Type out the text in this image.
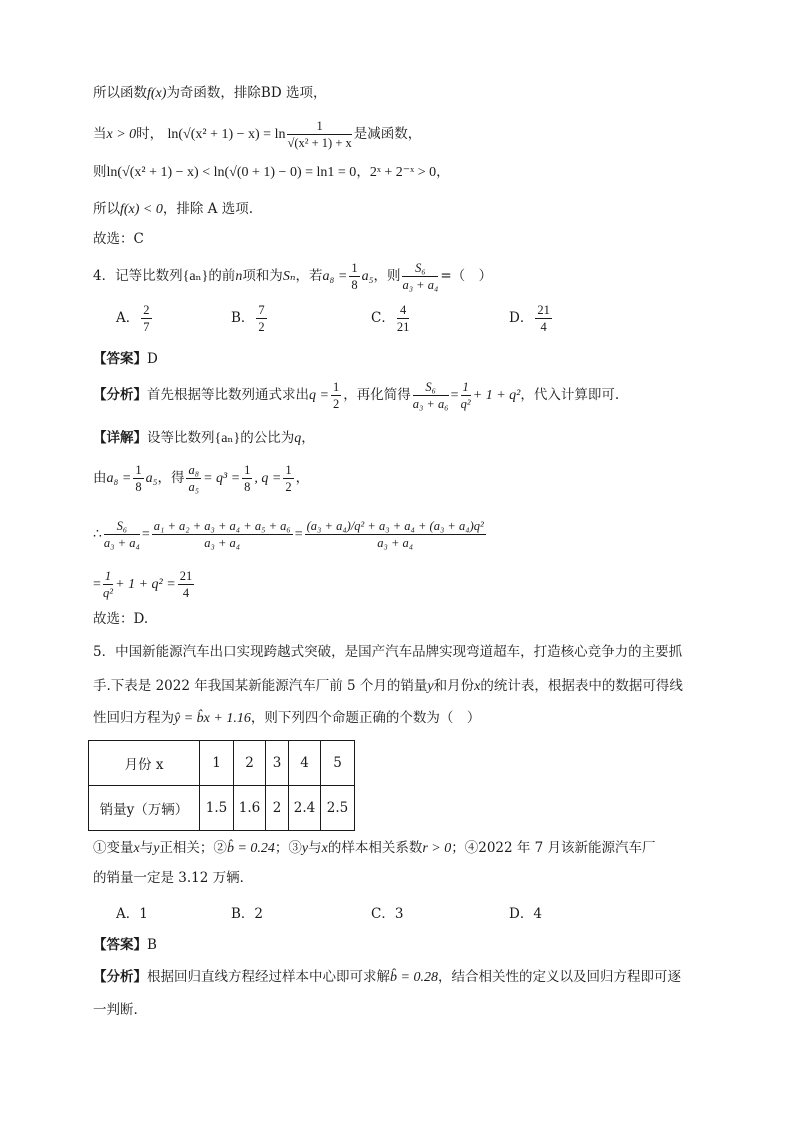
所以函数f(x)为奇函数，排除BD 选项，
当x > 0时， $\ln(√(x^2 + 1) - x) = \ln \frac{1}{\text{√(x² + 1) + x}}$ 是减函数，
则ln(√(x² + 1) − x) < ln(√(0 + 1) − 0) = ln1 = 0，2ˣ + 2⁻ˣ > 0，
所以f(x) < 0，排除 A 选项.
故选：C
4．记等比数列{aₙ}的前n项和为Sₙ，若$a_8 = \frac{1}{8} a_5$，则 $\frac{\text{S₆}}{\text{a₃ + a₄}}$ =（　）
A． $\frac{2}{7}$	B． $\frac{7}{2}$	C． $\frac{4}{21}$	D． $\frac{21}{4}$
【答案】D
【分析】首先根据等比数列通式求出$q = \frac{1}{2}$ ，再化简得 $\frac{\text{S₆}}{\text{a₃ + a₆}} = \frac{1}{\text{q²}} + 1 + q^2$，代入计算即可.
【详解】设等比数列{aₙ}的公比为q，
由$a_8 = \frac{1}{8} a_5$，得 $\frac{\text{a₈}}{\text{a₅}} = q^3 = \frac{1}{8}$ , $q = \frac{1}{2}$ ，
∴ $\frac{\text{S₆}}{\text{a₃ + a₄}} = \frac{\text{a₁ + a₂ + a₃ + a₄ + a₅ + a₆}}{\text{a₃ + a₄}} = \frac{\text{(a₃ + a₄)/q² + a₃ + a₄ + (a₃ + a₄)q²}}{\text{a₃ + a₄}}$
= $\frac{1}{\text{q²}} + 1 + q^2 = \frac{21}{4}$
故选：D.
5．中国新能源汽车出口实现跨越式突破，是国产汽车品牌实现弯道超车，打造核心竞争力的主要抓
手.下表是 2022 年我国某新能源汽车厂前 5 个月的销量y和月份x的统计表，根据表中的数据可得线
性回归方程为ŷ = b̂x + 1.16，则下列四个命题正确的个数为（　）
月份 x	1	2	3	4	5
销量y（万辆）	1.5	1.6	2	2.4	2.5
①变量x与y正相关；②b̂ = 0.24；③y与x的样本相关系数r > 0；④2022 年 7 月该新能源汽车厂
的销量一定是 3.12 万辆．
A．1	B．2	C．3	D．4
【答案】B
【分析】根据回归直线方程经过样本中心即可求解b̂ = 0.28，结合相关性的定义以及回归方程即可逐
一判断.
